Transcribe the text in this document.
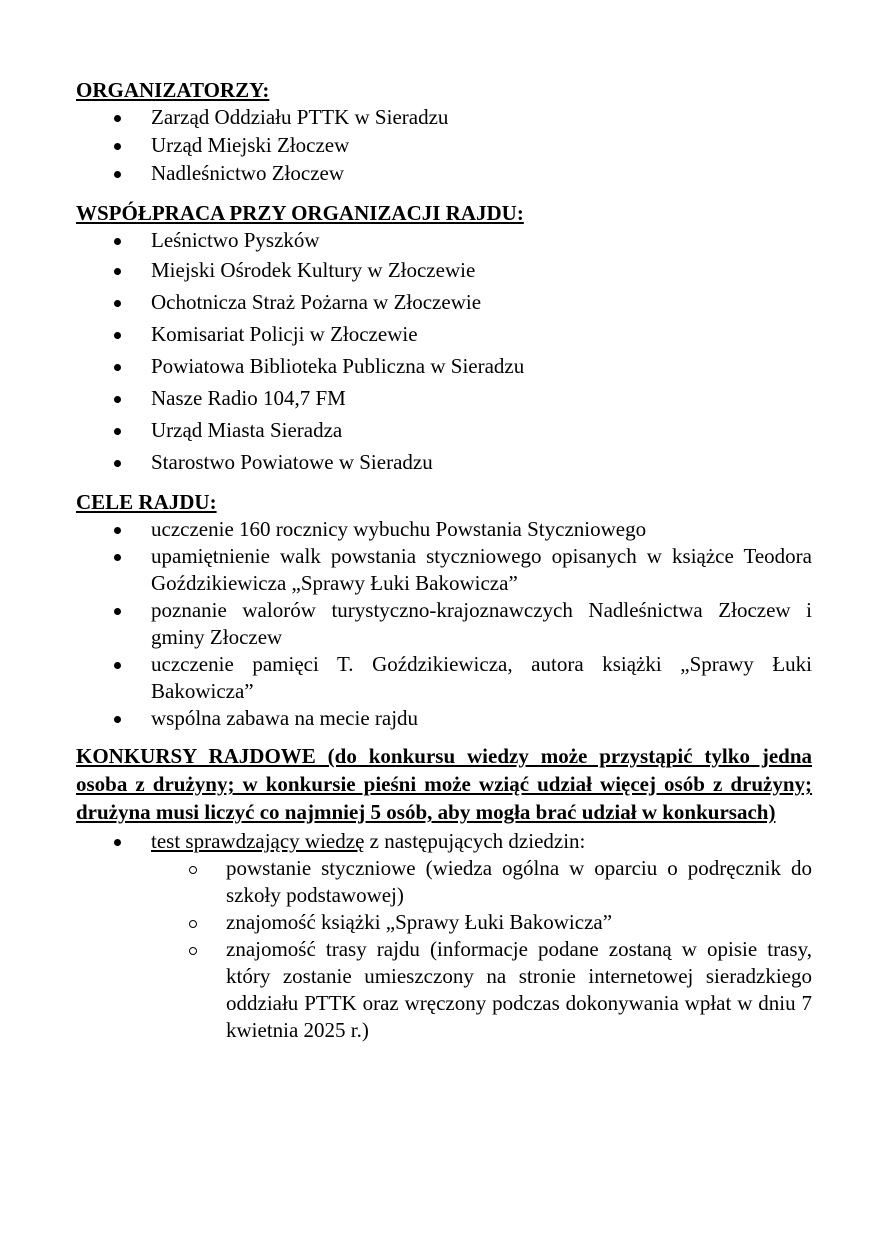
ORGANIZATORZY:

Zarząd Oddziału PTTK w Sieradzu
Urząd Miejski Złoczew
Nadleśnictwo Złoczew

WSPÓŁPRACA PRZY ORGANIZACJI RAJDU:

Leśnictwo Pyszków
Miejski Ośrodek Kultury w Złoczewie
Ochotnicza Straż Pożarna w Złoczewie
Komisariat Policji w Złoczewie
Powiatowa Biblioteka Publiczna w Sieradzu
Nasze Radio 104,7 FM
Urząd Miasta Sieradza
Starostwo Powiatowe w Sieradzu

CELE RAJDU:

uczczenie 160 rocznicy wybuchu Powstania Styczniowego
upamiętnienie walk powstania styczniowego opisanych w książce Teodora Goździkiewicza „Sprawy Łuki Bakowicza”
poznanie walorów turystyczno-krajoznawczych Nadleśnictwa Złoczew i gminy Złoczew
uczczenie pamięci T. Goździkiewicza, autora książki „Sprawy Łuki Bakowicza”
wspólna zabawa na mecie rajdu

KONKURSY RAJDOWE (do konkursu wiedzy może przystąpić tylko jedna osoba z drużyny; w konkursie pieśni może wziąć udział więcej osób z drużyny; drużyna musi liczyć co najmniej 5 osób, aby mogła brać udział w konkursach)

test sprawdzający wiedzę z następujących dziedzin:
powstanie styczniowe (wiedza ogólna w oparciu o podręcznik do szkoły podstawowej)
znajomość książki „Sprawy Łuki Bakowicza”
znajomość trasy rajdu (informacje podane zostaną w opisie trasy, który zostanie umieszczony na stronie internetowej sieradzkiego oddziału PTTK oraz wręczony podczas dokonywania wpłat w dniu 7 kwietnia 2025 r.)
